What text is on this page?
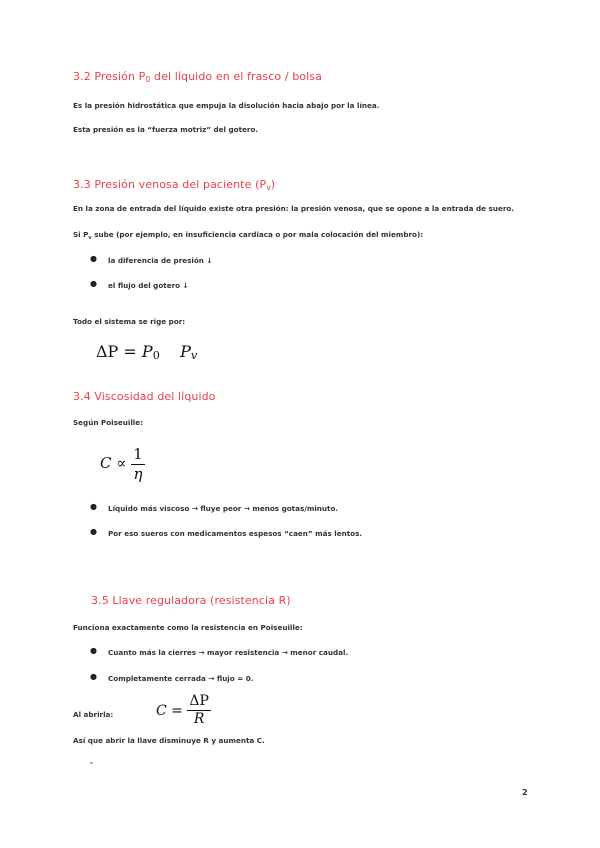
3.2 Presión $P_0$ del líquido en el frasco / bolsa
Es la presión hidrostática que empuja la disolución hacia abajo por la línea.
Esta presión es la “fuerza motriz” del gotero.
3.3 Presión venosa del paciente $(P_v)$
En la zona de entrada del líquido existe otra presión: la presión venosa, que se opone a la entrada de suero.
Si $P_v$ sube (por ejemplo, en insuficiencia cardiaca o por mala colocación del miembro):
● la diferencia de presión ↓
● el flujo del gotero ↓
Todo el sistema se rige por:
$\Delta P = P_0$ $P_v$
3.4 Viscosidad del líquido
Según Poiseuille:
$C \propto \frac{1}{\eta}$
● Líquido más viscoso → fluye peor → menos gotas/minuto.
● Por eso sueros con medicamentos espesos “caen” más lentos.
3.5 Llave reguladora (resistencia R)
Funciona exactamente como la resistencia en Poiseuille:
● Cuanto más la cierres → mayor resistencia → menor caudal.
● Completamente cerrada → flujo = 0.
Al abrirla:	$C = \frac{\Delta P}{R}$
Así que abrir la llave disminuye R y aumenta C.
-
2
